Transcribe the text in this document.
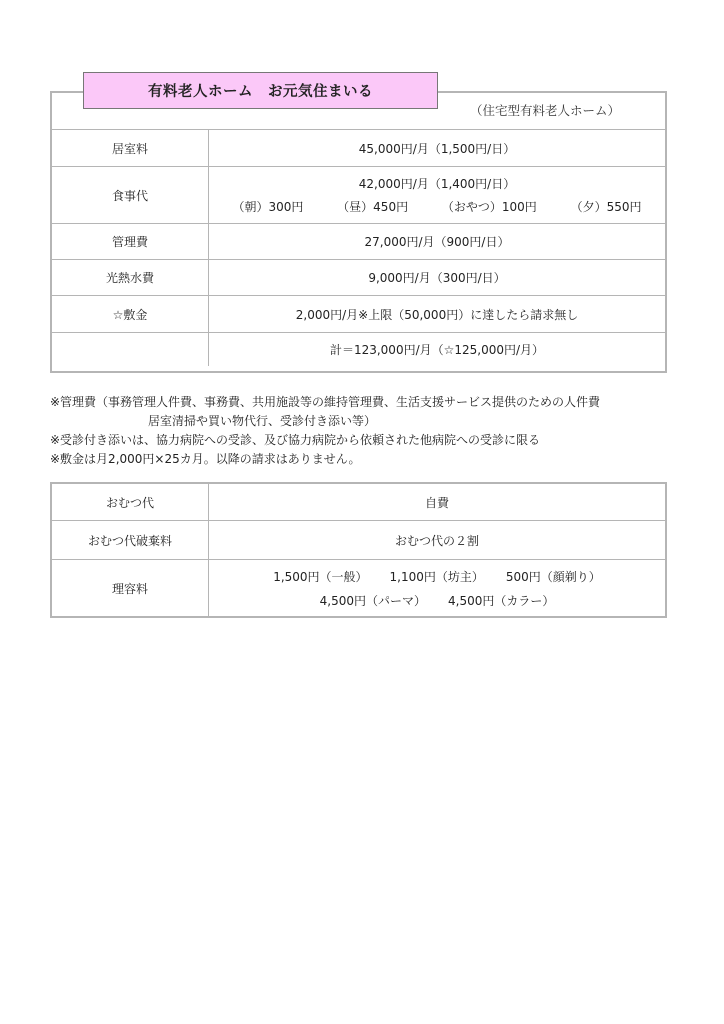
有料老人ホーム　お元気住まいる
（住宅型有料老人ホーム）
居室料	45,000円/月（1,500円/日）
食事代	42,000円/月（1,400円/日）
（朝）300円 （昼）450円 （おやつ）100円 （夕）550円

管理費	27,000円/月（900円/日）
光熱水費	9,000円/月（300円/日）
☆敷金	2,000円/月※上限（50,000円）に達したら請求無し
	計＝123,000円/月（☆125,000円/月）
※管理費（事務管理人件費、事務費、共用施設等の維持管理費、生活支援サービス提供のための人件費
居室清掃や買い物代行、受診付き添い等）
※受診付き添いは、協力病院への受診、及び協力病院から依頼された他病院への受診に限る
※敷金は月2,000円×25カ月。以降の請求はありません。
おむつ代	自費
おむつ代破棄料	おむつ代の２割
理容料	1,500円（一般） 1,100円（坊主） 500円（顔剃り）
4,500円（パーマ） 4,500円（カラー）
